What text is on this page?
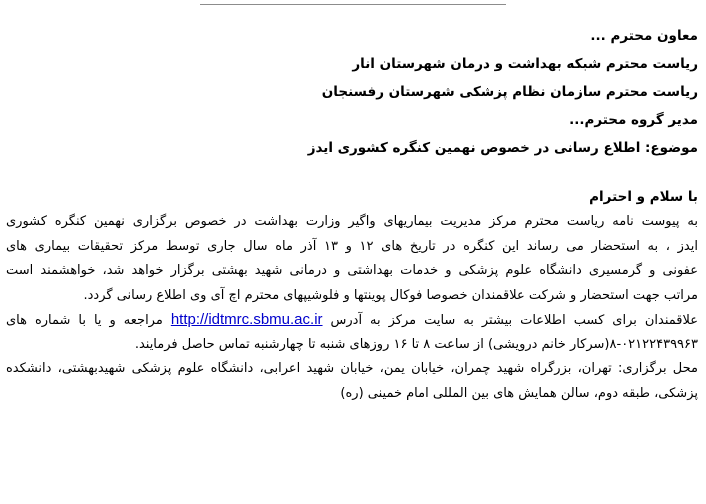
معاون محترم ...
ریاست محترم شبکه بهداشت و درمان شهرستان انار
ریاست محترم سازمان نظام پزشکی شهرستان رفسنجان
مدیر گروه محترم...
موضوع: اطلاع رسانی در خصوص نهمین کنگره کشوری ایدز
با سلام و احترام
به پیوست نامه ریاست محترم مرکز مدیریت بیماریهای واگیر وزارت بهداشت در خصوص برگزاری نهمین کنگره کشوری
ایدز ، به استحضار می رساند این کنگره در تاریخ های ۱۲ و ۱۳ آذر ماه سال جاری توسط مرکز تحقیقات بیماری های
عفونی و گرمسیری دانشگاه علوم پزشکی و خدمات بهداشتی و درمانی شهید بهشتی برگزار خواهد شد، خواهشمند است
مراتب جهت استحضار و شرکت علاقمندان خصوصا فوکال پوینتها و فلوشیپهای محترم اچ آی وی اطلاع رسانی گردد.
علاقمندان برای کسب اطلاعات بیشتر به سایت مرکز به آدرس http://idtmrc.sbmu.ac.ir مراجعه و یا با شماره های
۸-۰۲۱۲۲۴۳۹۹۶۳(سرکار خانم درویشی) از ساعت ۸ تا ۱۶ روزهای شنبه تا چهارشنبه تماس حاصل فرمایند.
محل برگزاری: تهران، بزرگراه شهید چمران، خیابان یمن، خیابان شهید اعرابی، دانشگاه علوم پزشکی شهیدبهشتی، دانشکده
پزشکی، طبقه دوم، سالن همایش های بین المللی امام خمینی (ره)
